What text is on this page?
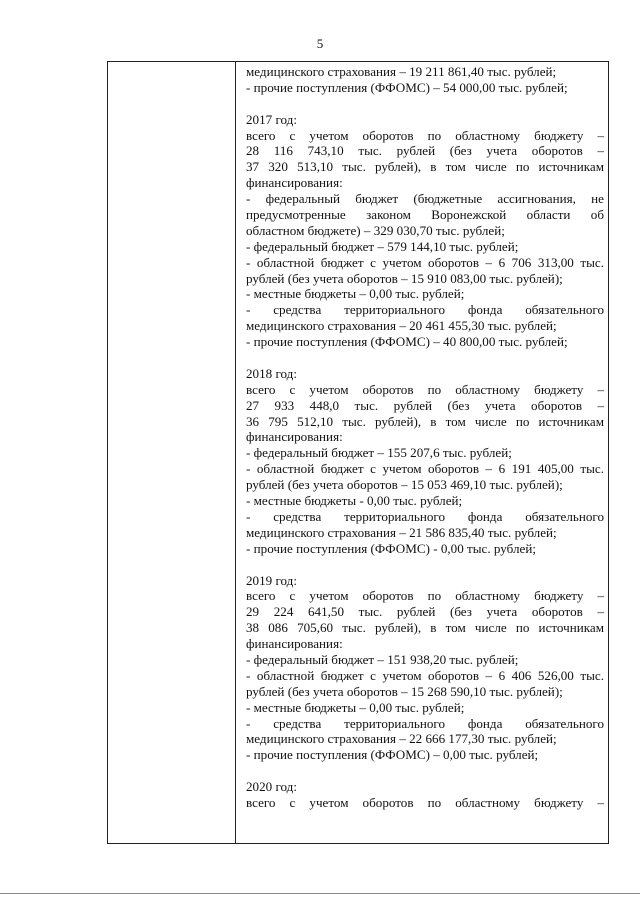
5
медицинского страхования – 19 211 861,40 тыс. рублей;
- прочие поступления (ФФОМС) – 54 000,00 тыс. рублей;
2017 год:
всего с учетом оборотов по областному бюджету –
28 116 743,10 тыс. рублей (без учета оборотов –
37 320 513,10 тыс. рублей), в том числе по источникам
финансирования:
- федеральный бюджет (бюджетные ассигнования, не
предусмотренные законом Воронежской области об
областном бюджете) – 329 030,70 тыс. рублей;
- федеральный бюджет – 579 144,10 тыс. рублей;
- областной бюджет с учетом оборотов – 6 706 313,00 тыс.
рублей (без учета оборотов – 15 910 083,00 тыс. рублей);
- местные бюджеты – 0,00 тыс. рублей;
- средства территориального фонда обязательного
медицинского страхования – 20 461 455,30 тыс. рублей;
- прочие поступления (ФФОМС) – 40 800,00 тыс. рублей;
2018 год:
всего с учетом оборотов по областному бюджету –
27 933 448,0 тыс. рублей (без учета оборотов –
36 795 512,10 тыс. рублей), в том числе по источникам
финансирования:
- федеральный бюджет – 155 207,6 тыс. рублей;
- областной бюджет с учетом оборотов – 6 191 405,00 тыс.
рублей (без учета оборотов – 15 053 469,10 тыс. рублей);
- местные бюджеты - 0,00 тыс. рублей;
- средства территориального фонда обязательного
медицинского страхования – 21 586 835,40 тыс. рублей;
- прочие поступления (ФФОМС) - 0,00 тыс. рублей;
2019 год:
всего с учетом оборотов по областному бюджету –
29 224 641,50 тыс. рублей (без учета оборотов –
38 086 705,60 тыс. рублей), в том числе по источникам
финансирования:
- федеральный бюджет – 151 938,20 тыс. рублей;
- областной бюджет с учетом оборотов – 6 406 526,00 тыс.
рублей (без учета оборотов – 15 268 590,10 тыс. рублей);
- местные бюджеты – 0,00 тыс. рублей;
- средства территориального фонда обязательного
медицинского страхования – 22 666 177,30 тыс. рублей;
- прочие поступления (ФФОМС) – 0,00 тыс. рублей;
2020 год:
всего с учетом оборотов по областному бюджету –
